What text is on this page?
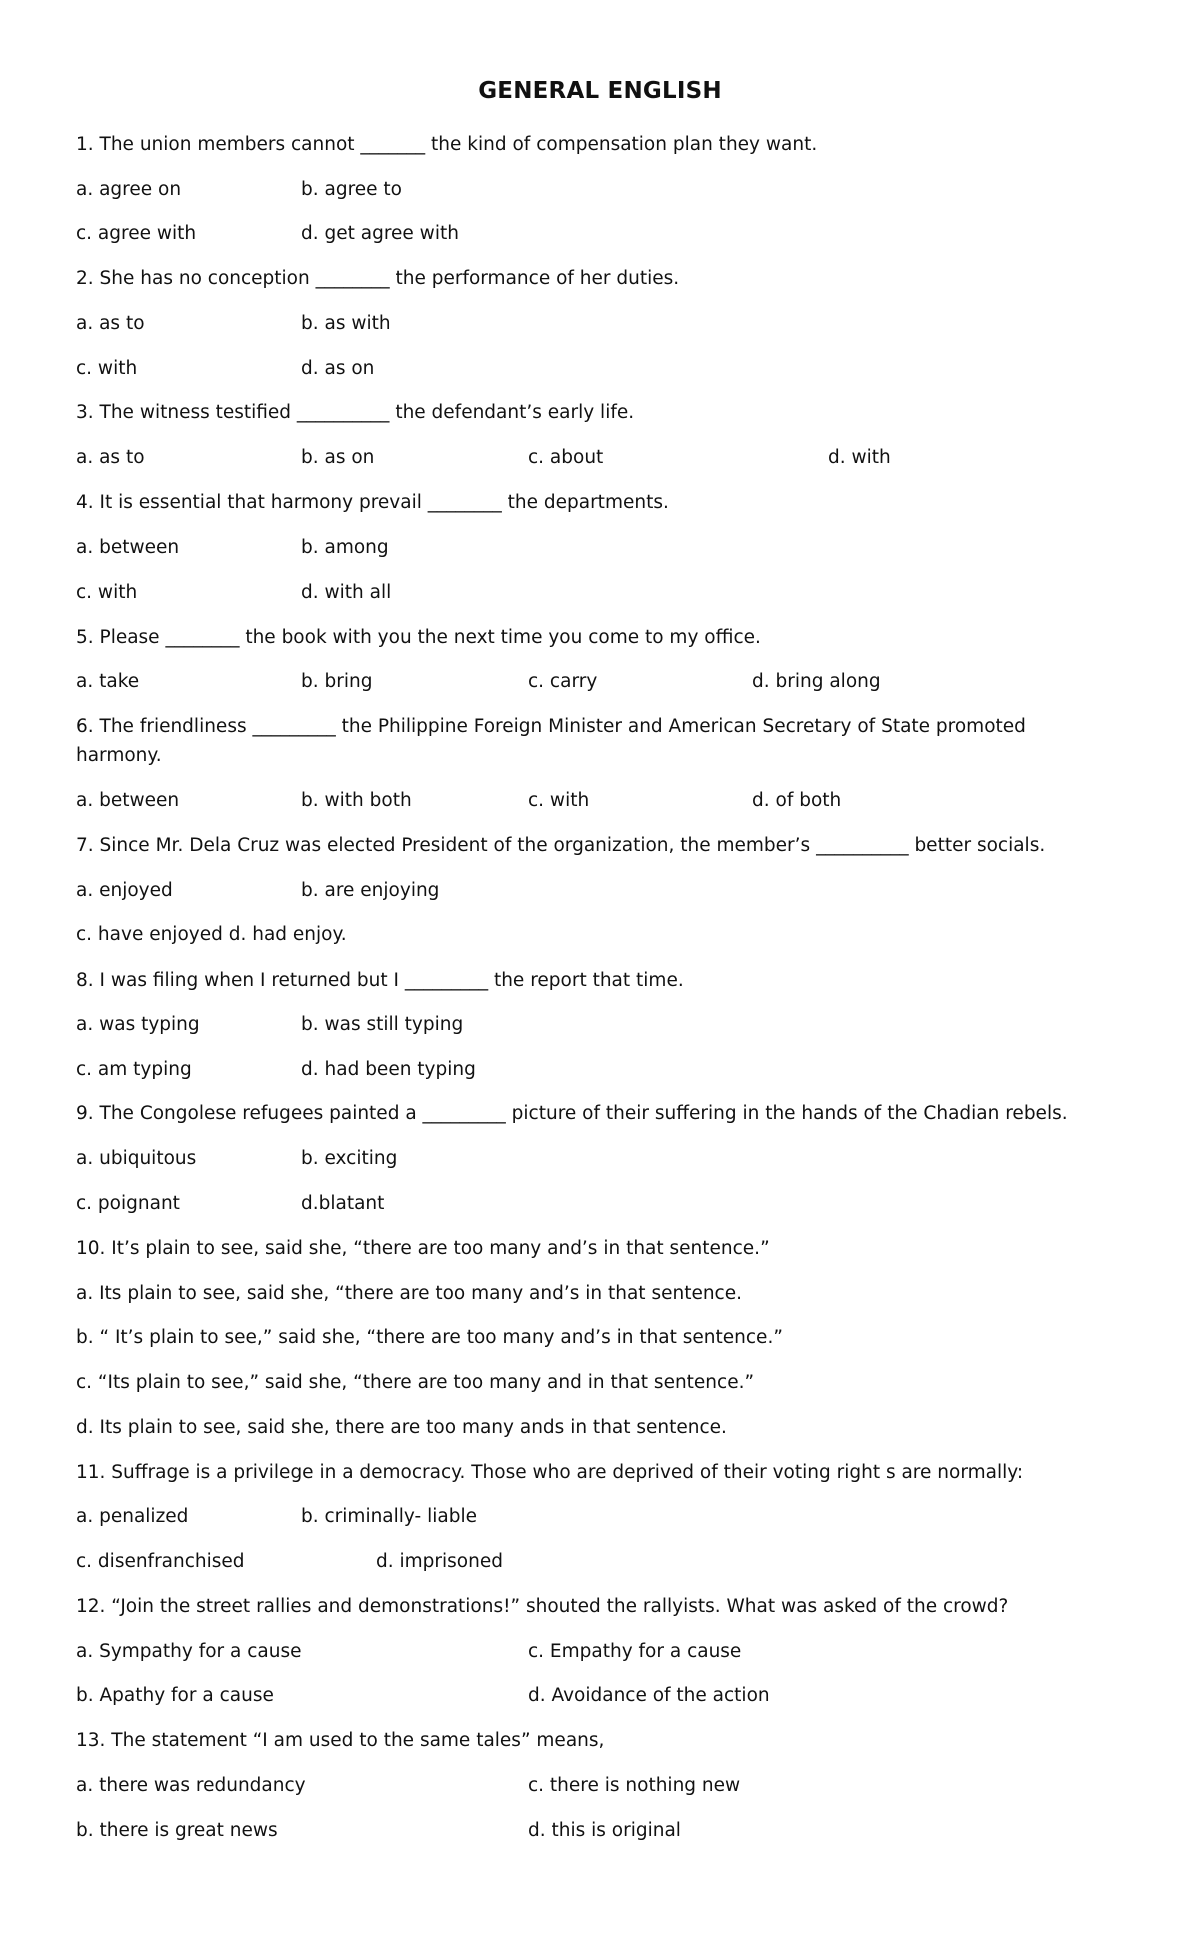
GENERAL ENGLISH
1. The union members cannot _______ the kind of compensation plan they want.
a. agree on	b. agree to
c. agree with	d. get agree with
2. She has no conception ________ the performance of her duties.
a. as to	b. as with
c. with	d. as on
3. The witness testified __________ the defendant’s early life.
a. as to	b. as on	c. about	d. with
4. It is essential that harmony prevail ________ the departments.
a. between	b. among
c. with	d. with all
5. Please ________ the book with you the next time you come to my office.
a. take	b. bring	c. carry	d. bring along
6. The friendliness _________ the Philippine Foreign Minister and American Secretary of State promoted harmony.
a. between	b. with both	c. with	d. of both
7. Since Mr. Dela Cruz was elected President of the organization, the member’s __________ better socials.
a. enjoyed	b. are enjoying
c. have enjoyed d. had enjoy.
8. I was filing when I returned but I _________ the report that time.
a. was typing	b. was still typing
c. am typing	d. had been typing
9. The Congolese refugees painted a _________ picture of their suffering in the hands of the Chadian rebels.
a. ubiquitous	b. exciting
c. poignant	d.blatant
10. It’s plain to see, said she, “there are too many and’s in that sentence.”
a. Its plain to see, said she, “there are too many and’s in that sentence.
b. “ It’s plain to see,” said she, “there are too many and’s in that sentence.”
c. “Its plain to see,” said she, “there are too many and in that sentence.”
d. Its plain to see, said she, there are too many ands in that sentence.
11. Suffrage is a privilege in a democracy. Those who are deprived of their voting right s are normally:
a. penalized	b. criminally- liable
c. disenfranchised	d. imprisoned
12. “Join the street rallies and demonstrations!” shouted the rallyists. What was asked of the crowd?
a. Sympathy for a cause	c. Empathy for a cause
b. Apathy for a cause	d. Avoidance of the action
13. The statement “I am used to the same tales” means,
a. there was redundancy	c. there is nothing new
b. there is great news	d. this is original
